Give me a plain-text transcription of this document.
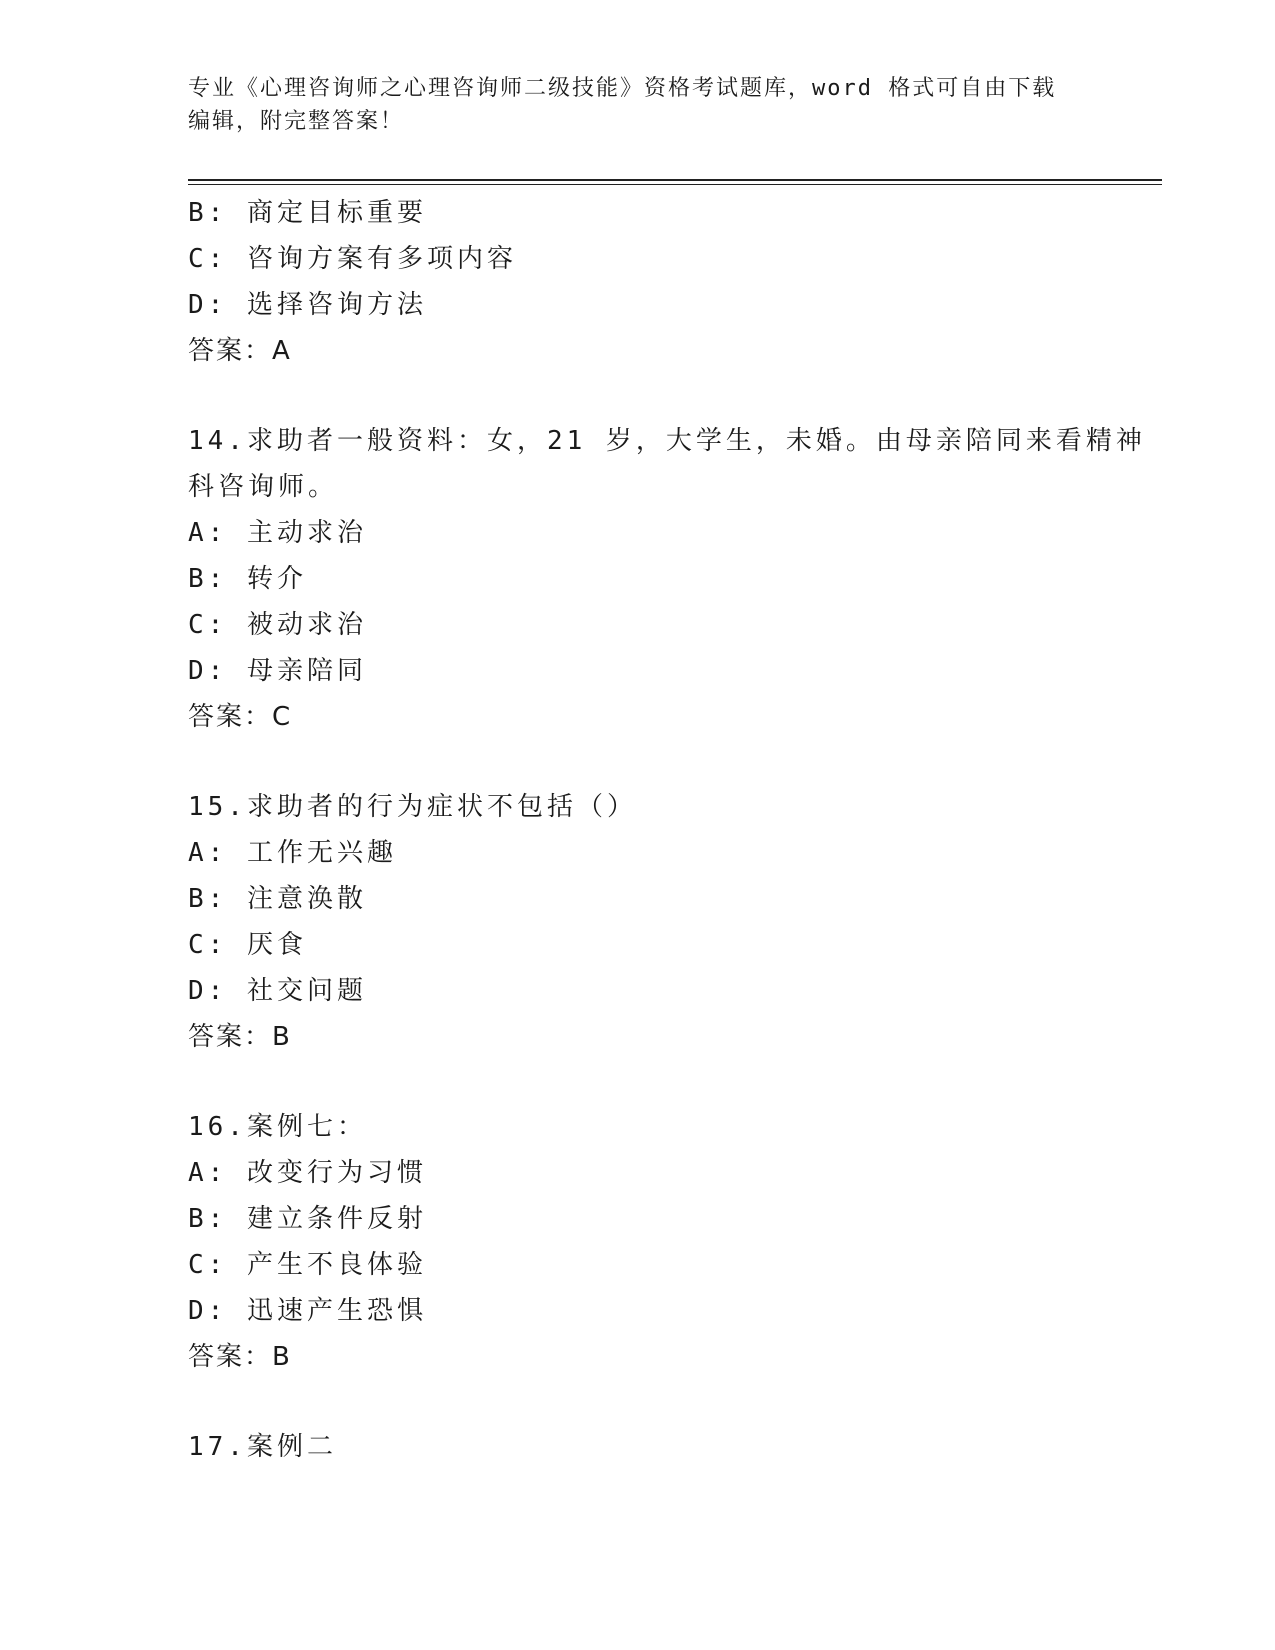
专业《心理咨询师之心理咨询师二级技能》资格考试题库，word 格式可自由下载
编辑，附完整答案！
B: 商定目标重要
C: 咨询方案有多项内容
D: 选择咨询方法
答案：A
14.求助者一般资料：女，21 岁，大学生，未婚。由母亲陪同来看精神
科咨询师。
A: 主动求治
B: 转介
C: 被动求治
D: 母亲陪同
答案：C
15.求助者的行为症状不包括（）
A: 工作无兴趣
B: 注意涣散
C: 厌食
D: 社交问题
答案：B
16.案例七：
A: 改变行为习惯
B: 建立条件反射
C: 产生不良体验
D: 迅速产生恐惧
答案：B
17.案例二
